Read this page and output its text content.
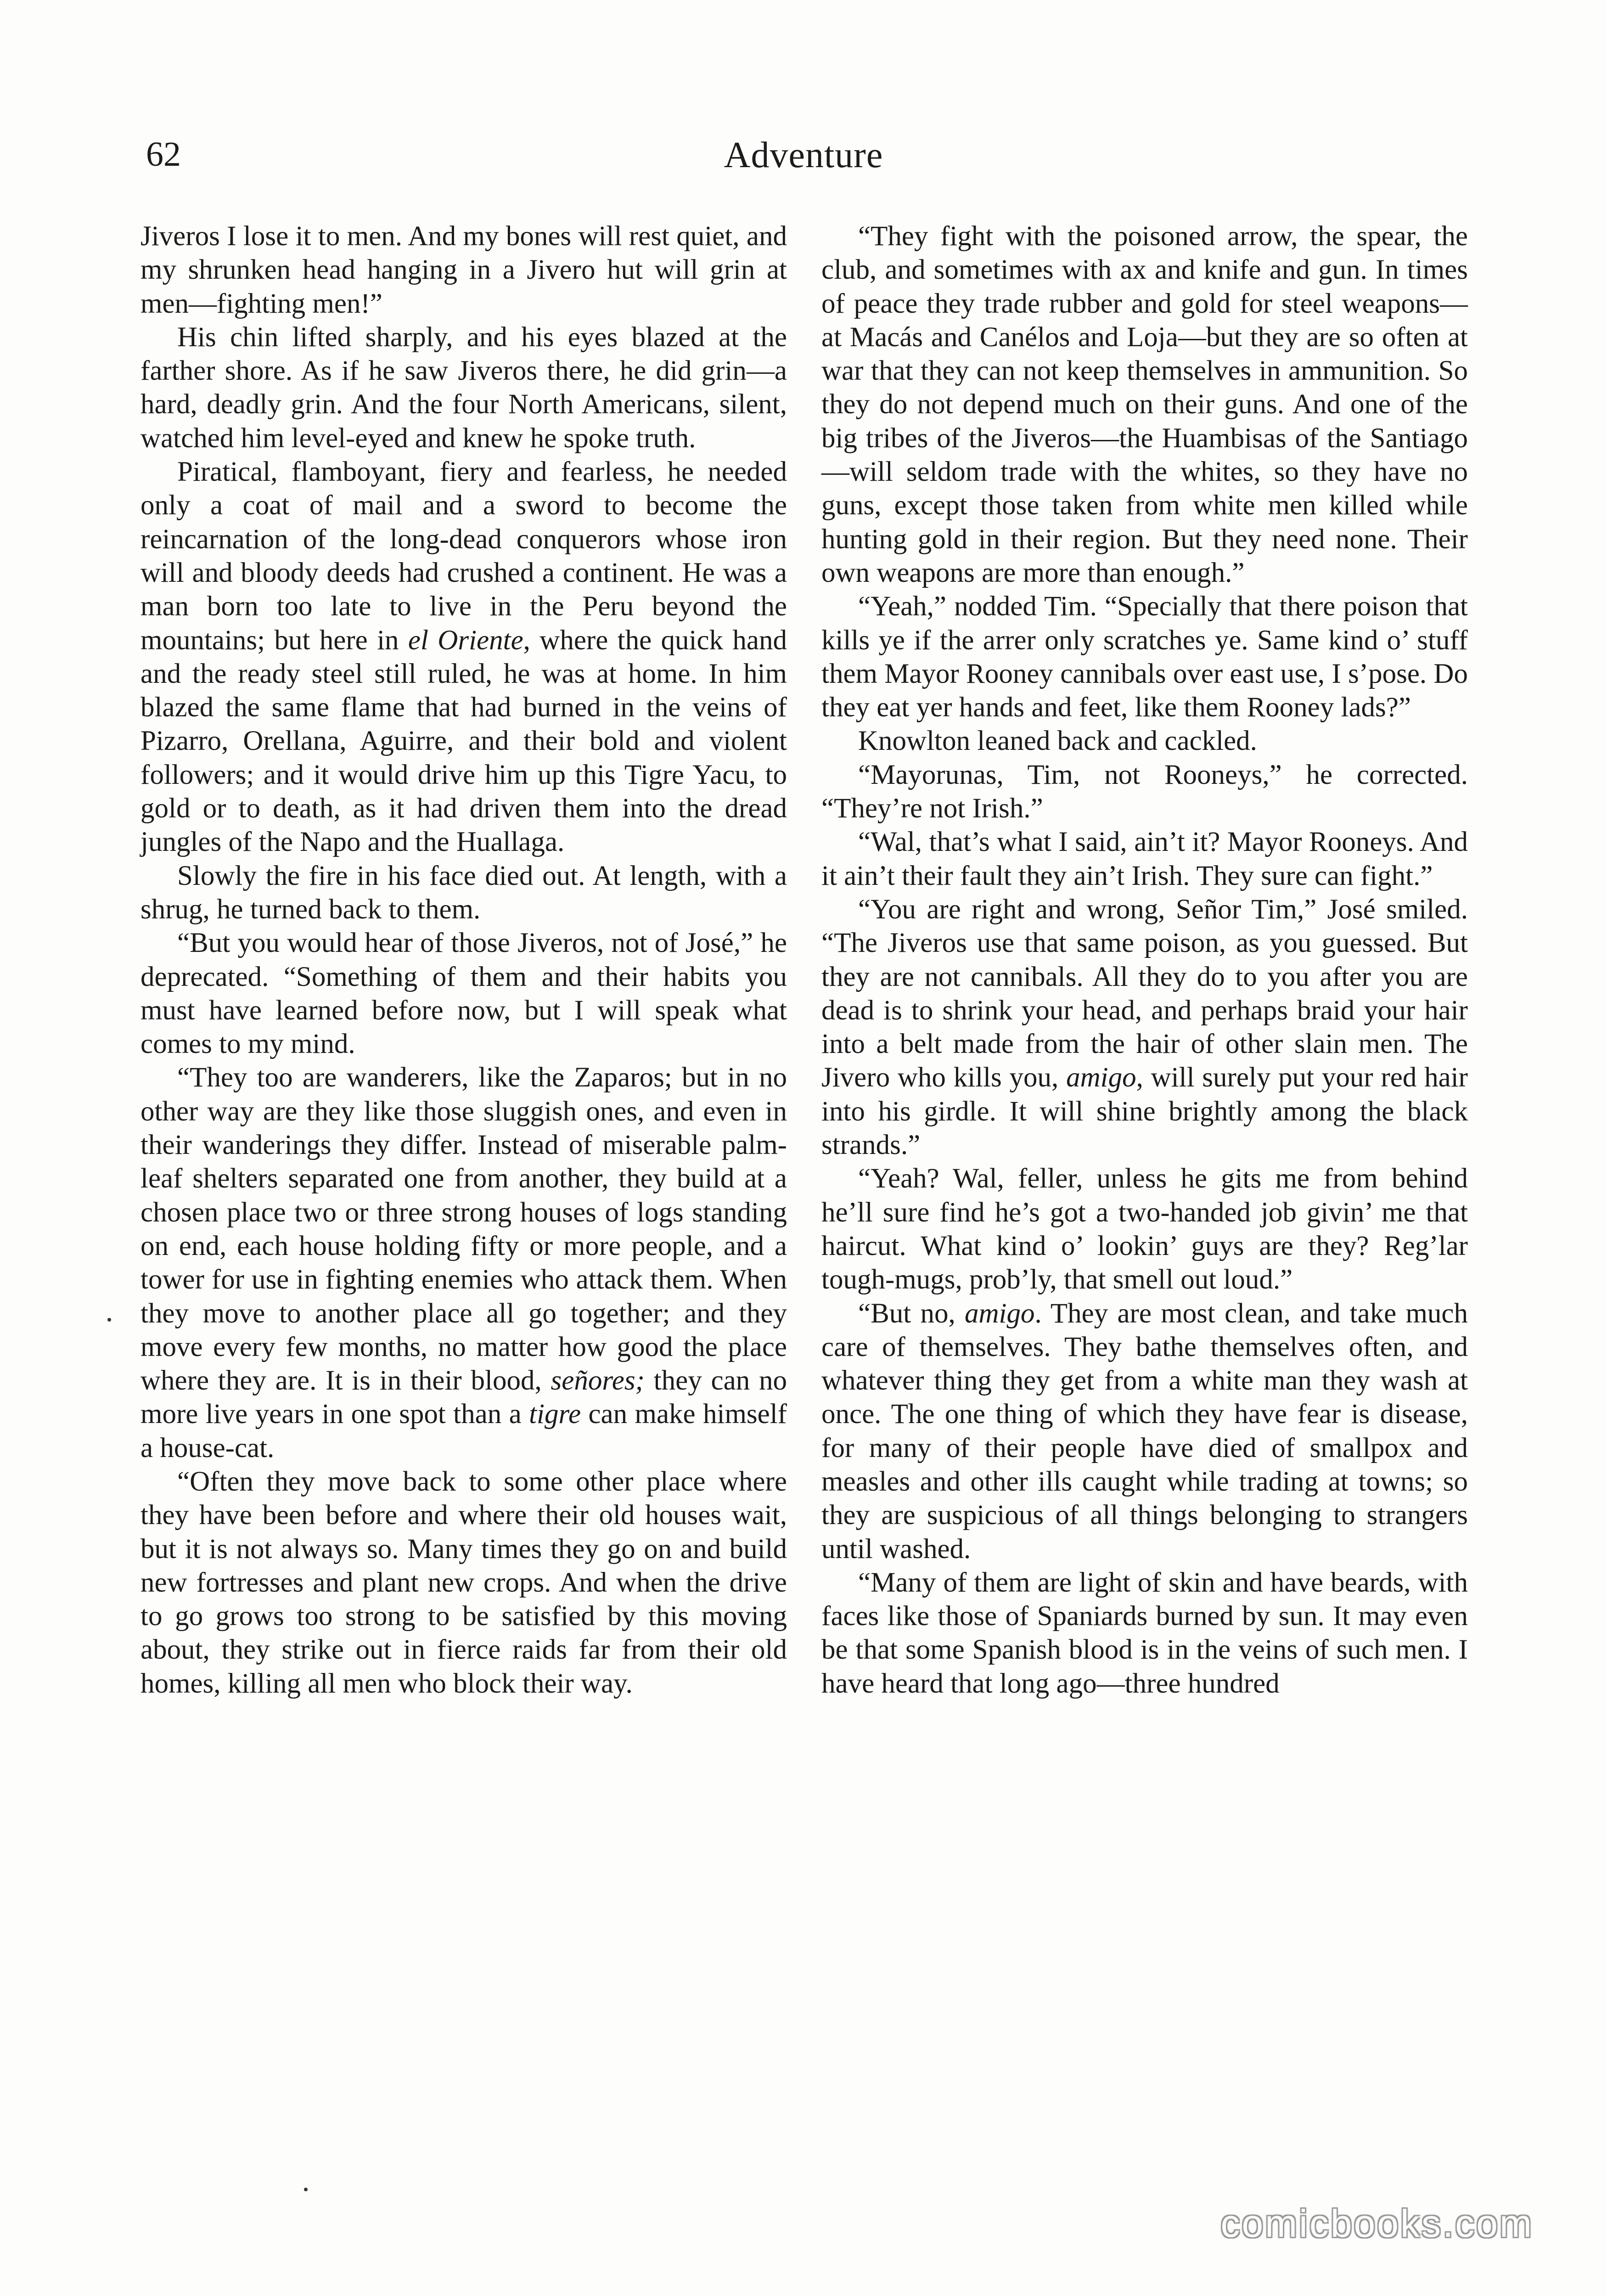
62	Adventure

Jiveros I lose it to men. And my bones will rest quiet, and my shrunken head hanging in a Jivero hut will grin at men—fighting men!”

His chin lifted sharply, and his eyes blazed at the farther shore. As if he saw Jiveros there, he did grin—a hard, deadly grin. And the four North Americans, silent, watched him level-eyed and knew he spoke truth.

Piratical, flamboyant, fiery and fearless, he needed only a coat of mail and a sword to become the reincarnation of the long-dead conquerors whose iron will and bloody deeds had crushed a continent. He was a man born too late to live in the Peru beyond the mountains; but here in el Oriente, where the quick hand and the ready steel still ruled, he was at home. In him blazed the same flame that had burned in the veins of Pizarro, Orellana, Aguirre, and their bold and violent followers; and it would drive him up this Tigre Yacu, to gold or to death, as it had driven them into the dread jungles of the Napo and the Huallaga.

Slowly the fire in his face died out. At length, with a shrug, he turned back to them.

“But you would hear of those Jiveros, not of José,” he deprecated. “Something of them and their habits you must have learned before now, but I will speak what comes to my mind.

“They too are wanderers, like the Zaparos; but in no other way are they like those sluggish ones, and even in their wanderings they differ. Instead of miserable palm-leaf shelters separated one from another, they build at a chosen place two or three strong houses of logs standing on end, each house holding fifty or more people, and a tower for use in fighting enemies who attack them. When they move to another place all go together; and they move every few months, no matter how good the place where they are. It is in their blood, señores; they can no more live years in one spot than a tigre can make himself a house-cat.

“Often they move back to some other place where they have been before and where their old houses wait, but it is not always so. Many times they go on and build new fortresses and plant new crops. And when the drive to go grows too strong to be satisfied by this moving about, they strike out in fierce raids far from their old homes, killing all men who block their way.

“They fight with the poisoned arrow, the spear, the club, and sometimes with ax and knife and gun. In times of peace they trade rubber and gold for steel weapons—at Macás and Canélos and Loja—but they are so often at war that they can not keep themselves in ammunition. So they do not depend much on their guns. And one of the big tribes of the Jiveros—the Huambisas of the Santiago—will seldom trade with the whites, so they have no guns, except those taken from white men killed while hunting gold in their region. But they need none. Their own weapons are more than enough.”

“Yeah,” nodded Tim. “Specially that there poison that kills ye if the arrer only scratches ye. Same kind o’ stuff them Mayor Rooney cannibals over east use, I s’pose. Do they eat yer hands and feet, like them Rooney lads?”

Knowlton leaned back and cackled.

“Mayorunas, Tim, not Rooneys,” he corrected. “They’re not Irish.”

“Wal, that’s what I said, ain’t it? Mayor Rooneys. And it ain’t their fault they ain’t Irish. They sure can fight.”

“You are right and wrong, Señor Tim,” José smiled. “The Jiveros use that same poison, as you guessed. But they are not cannibals. All they do to you after you are dead is to shrink your head, and perhaps braid your hair into a belt made from the hair of other slain men. The Jivero who kills you, amigo, will surely put your red hair into his girdle. It will shine brightly among the black strands.”

“Yeah? Wal, feller, unless he gits me from behind he’ll sure find he’s got a two-handed job givin’ me that haircut. What kind o’ lookin’ guys are they? Reg’lar tough-mugs, prob’ly, that smell out loud.”

“But no, amigo. They are most clean, and take much care of themselves. They bathe themselves often, and whatever thing they get from a white man they wash at once. The one thing of which they have fear is disease, for many of their people have died of smallpox and measles and other ills caught while trading at towns; so they are suspicious of all things belonging to strangers until washed.

“Many of them are light of skin and have beards, with faces like those of Spaniards burned by sun. It may even be that some Spanish blood is in the veins of such men. I have heard that long ago—three hundred

comicbooks.com
